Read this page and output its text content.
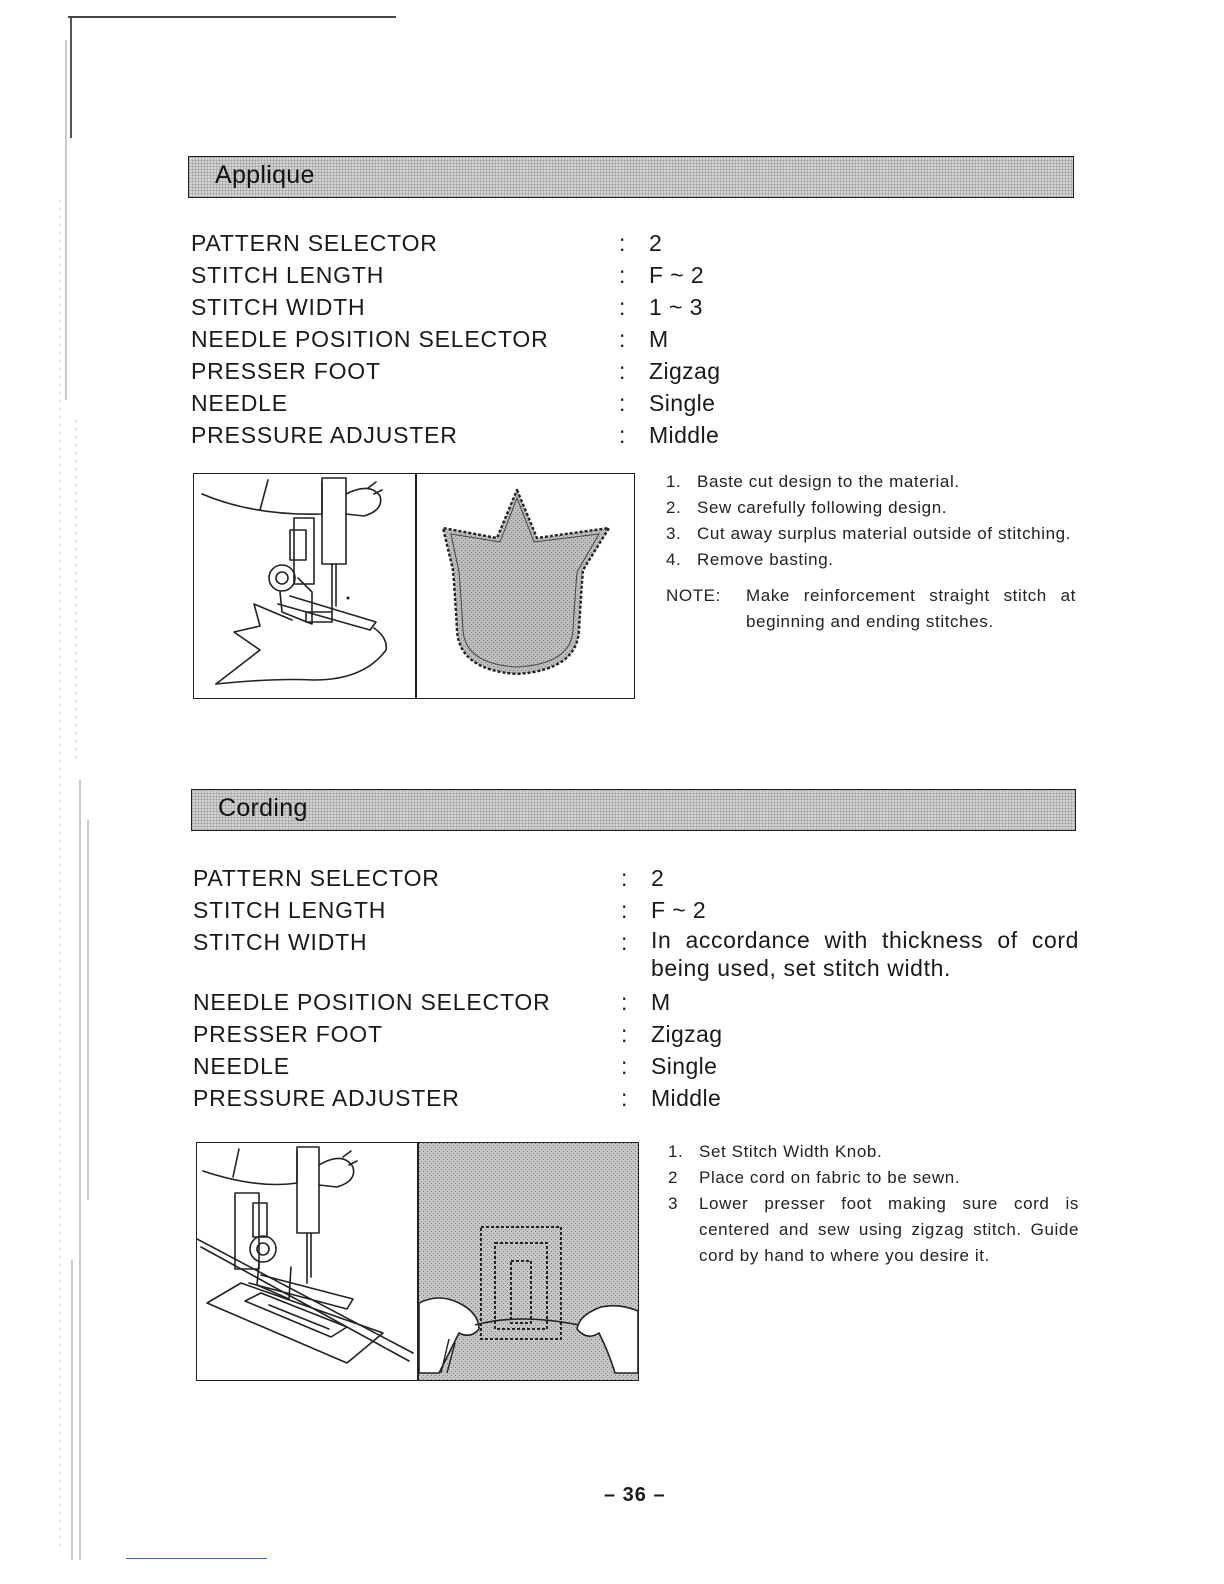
Applique
PATTERN SELECTOR	: 2
STITCH LENGTH	: F ~ 2
STITCH WIDTH	: 1 ~ 3
NEEDLE POSITION SELECTOR	: M
PRESSER FOOT	: Zigzag
NEEDLE	: Single
PRESSURE ADJUSTER	: Middle
1. Baste cut design to the material.
2. Sew carefully following design.
3. Cut away surplus material outside of stitching.
4. Remove basting.
NOTE:	Make reinforcement straight stitch at beginning and ending stitches.
Cording
PATTERN SELECTOR	: 2
STITCH LENGTH	: F ~ 2
STITCH WIDTH	: In accordance with thickness of cord being used, set stitch width.
NEEDLE POSITION SELECTOR	: M
PRESSER FOOT	: Zigzag
NEEDLE	: Single
PRESSURE ADJUSTER	: Middle
1. Set Stitch Width Knob.
2	Place cord on fabric to be sewn.
3	Lower presser foot making sure cord is centered and sew using zigzag stitch. Guide cord by hand to where you desire it.
– 36 –
